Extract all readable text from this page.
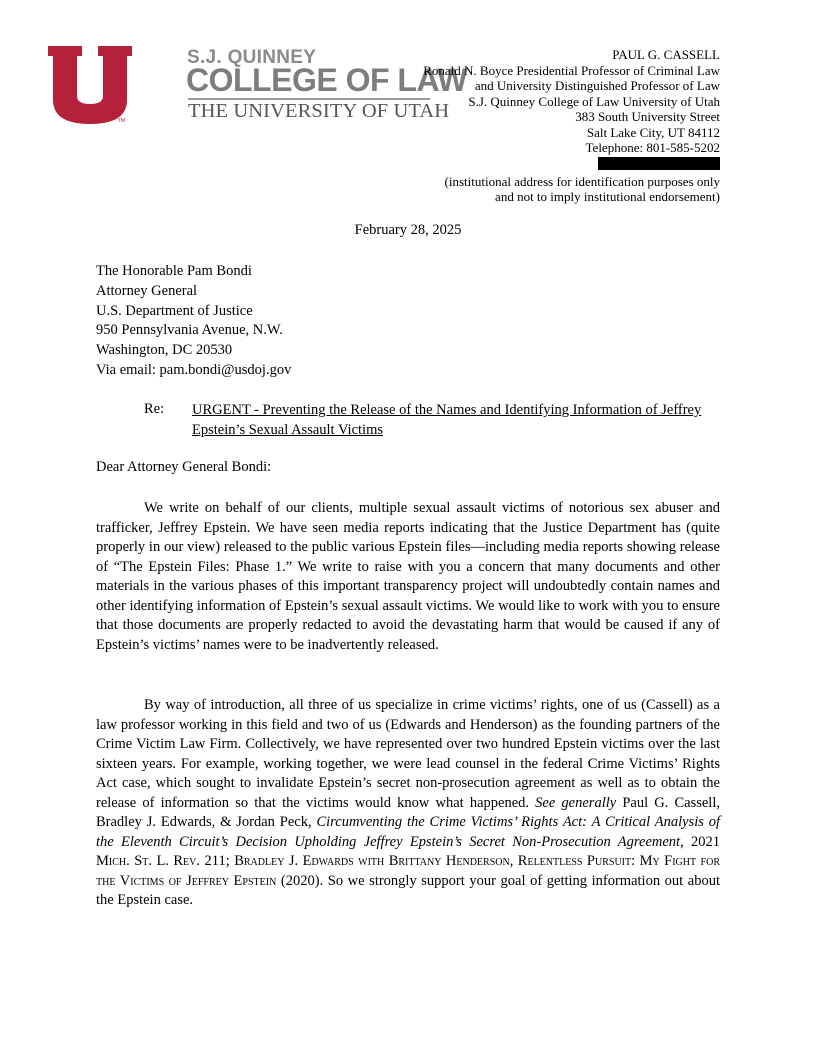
TM
S.J. QUINNEY
COLLEGE OF LAW
THE UNIVERSITY OF UTAH
PAUL G. CASSELL
Ronald N. Boyce Presidential Professor of Criminal Law
and University Distinguished Professor of Law
S.J. Quinney College of Law University of Utah
383 South University Street
Salt Lake City, UT 84112
Telephone: 801-585-5202
(institutional address for identification purposes only
and not to imply institutional endorsement)
February 28, 2025
The Honorable Pam Bondi
Attorney General
U.S. Department of Justice
950 Pennsylvania Avenue, N.W.
Washington, DC 20530
Via email: pam.bondi@usdoj.gov
Re: URGENT - Preventing the Release of the Names and Identifying Information of Jeffrey Epstein’s Sexual Assault Victims
Dear Attorney General Bondi:
We write on behalf of our clients, multiple sexual assault victims of notorious sex abuser and trafficker, Jeffrey Epstein. We have seen media reports indicating that the Justice Department has (quite properly in our view) released to the public various Epstein files—including media reports showing release of “The Epstein Files: Phase 1.” We write to raise with you a concern that many documents and other materials in the various phases of this important transparency project will undoubtedly contain names and other identifying information of Epstein’s sexual assault victims. We would like to work with you to ensure that those documents are properly redacted to avoid the devastating harm that would be caused if any of Epstein’s victims’ names were to be inadvertently released.
By way of introduction, all three of us specialize in crime victims’ rights, one of us (Cassell) as a law professor working in this field and two of us (Edwards and Henderson) as the founding partners of the Crime Victim Law Firm. Collectively, we have represented over two hundred Epstein victims over the last sixteen years. For example, working together, we were lead counsel in the federal Crime Victims’ Rights Act case, which sought to invalidate Epstein’s secret non-prosecution agreement as well as to obtain the release of information so that the victims would know what happened. See generally Paul G. Cassell, Bradley J. Edwards, & Jordan Peck, Circumventing the Crime Victims’ Rights Act: A Critical Analysis of the Eleventh Circuit’s Decision Upholding Jeffrey Epstein’s Secret Non-Prosecution Agreement, 2021 Mich. St. L. Rev. 211; Bradley J. Edwards with Brittany Henderson, Relentless Pursuit: My Fight for the Victims of Jeffrey Epstein (2020). So we strongly support your goal of getting information out about the Epstein case.
